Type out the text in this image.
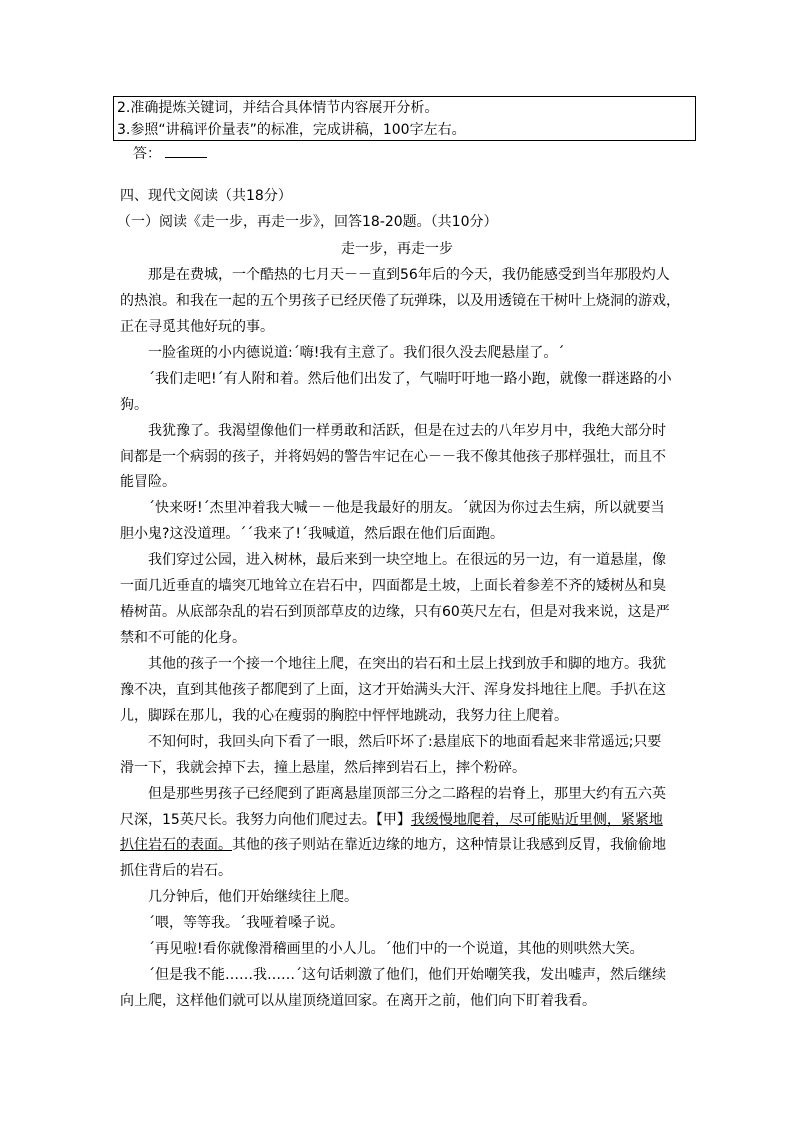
2.准确提炼关键词，并结合具体情节内容展开分析。
3.参照“讲稿评价量表”的标准，完成讲稿，100字左右。
答：
四、现代文阅读（共18分）
（一）阅读《走一步，再走一步》，回答18-20题。（共10分）
走一步，再走一步
那是在费城，一个酷热的七月天－－直到56年后的今天，我仍能感受到当年那股灼人
的热浪。和我在一起的五个男孩子已经厌倦了玩弹珠，以及用透镜在干树叶上烧洞的游戏，
正在寻觅其他好玩的事。
一脸雀斑的小内德说道:ˊ嗨!我有主意了。我们很久没去爬悬崖了。ˊ
ˊ我们走吧!ˊ有人附和着。然后他们出发了，气喘吁吁地一路小跑，就像一群迷路的小
狗。
我犹豫了。我渴望像他们一样勇敢和活跃，但是在过去的八年岁月中，我绝大部分时
间都是一个病弱的孩子，并将妈妈的警告牢记在心－－我不像其他孩子那样强壮，而且不
能冒险。
ˊ快来呀!ˊ杰里冲着我大喊－－他是我最好的朋友。ˊ就因为你过去生病，所以就要当
胆小鬼?这没道理。ˊˊ我来了!ˊ我喊道，然后跟在他们后面跑。
我们穿过公园，进入树林，最后来到一块空地上。在很远的另一边，有一道悬崖，像
一面几近垂直的墙突兀地耸立在岩石中，四面都是土坡，上面长着参差不齐的矮树丛和臭
椿树苗。从底部杂乱的岩石到顶部草皮的边缘，只有60英尺左右，但是对我来说，这是严
禁和不可能的化身。
其他的孩子一个接一个地往上爬，在突出的岩石和土层上找到放手和脚的地方。我犹
豫不决，直到其他孩子都爬到了上面，这才开始满头大汗、浑身发抖地往上爬。手扒在这
儿，脚踩在那儿，我的心在瘦弱的胸腔中怦怦地跳动，我努力往上爬着。
不知何时，我回头向下看了一眼，然后吓坏了:悬崖底下的地面看起来非常遥远;只要
滑一下，我就会掉下去，撞上悬崖，然后摔到岩石上，摔个粉碎。
但是那些男孩子已经爬到了距离悬崖顶部三分之二路程的岩脊上，那里大约有五六英
尺深，15英尺长。我努力向他们爬过去。【甲】我缓慢地爬着，尽可能贴近里侧，紧紧地
扒住岩石的表面。其他的孩子则站在靠近边缘的地方，这种情景让我感到反胃，我偷偷地
抓住背后的岩石。
几分钟后，他们开始继续往上爬。
ˊ喂，等等我。ˊ我哑着嗓子说。
ˊ再见啦!看你就像滑稽画里的小人儿。ˊ他们中的一个说道，其他的则哄然大笑。
ˊ但是我不能……我……ˊ这句话刺激了他们，他们开始嘲笑我，发出嘘声，然后继续
向上爬，这样他们就可以从崖顶绕道回家。在离开之前，他们向下盯着我看。
